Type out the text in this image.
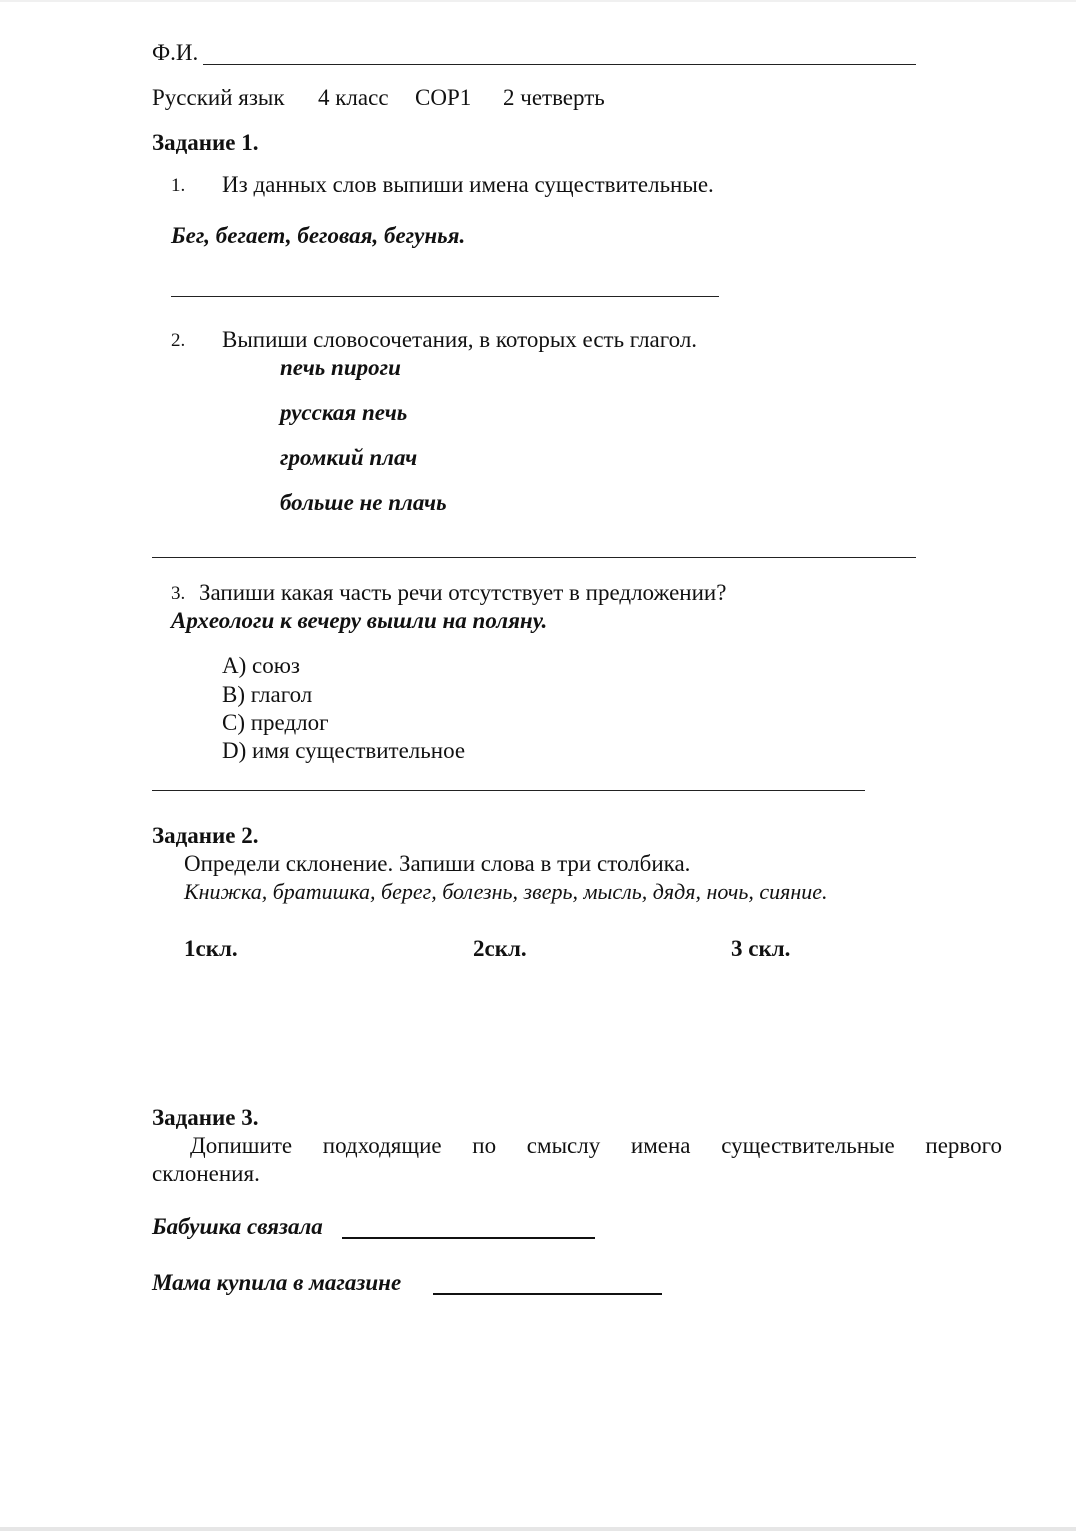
Ф.И.
Русский язык 4 класс СОР1 2 четверть
Задание 1.
1. Из данных слов выпиши имена существительные.
Бег, бегает, беговая, бегунья.
2. Выпиши словосочетания, в которых есть глагол.
печь пироги
русская печь
громкий плач
больше не плачь
3. Запиши какая часть речи отсутствует в предложении?
Археологи к вечеру вышли на поляну.
A) союз
B) глагол
C) предлог
D) имя существительное
Задание 2.
Определи склонение. Запиши слова в три столбика.
Книжка, братишка, берег, болезнь, зверь, мысль, дядя, ночь, сияние.
1скл.	2скл.	3 скл.
Задание 3.
Допишите подходящие по смыслу имена существительные первого
склонения.
Бабушка связала
Мама купила в магазине
